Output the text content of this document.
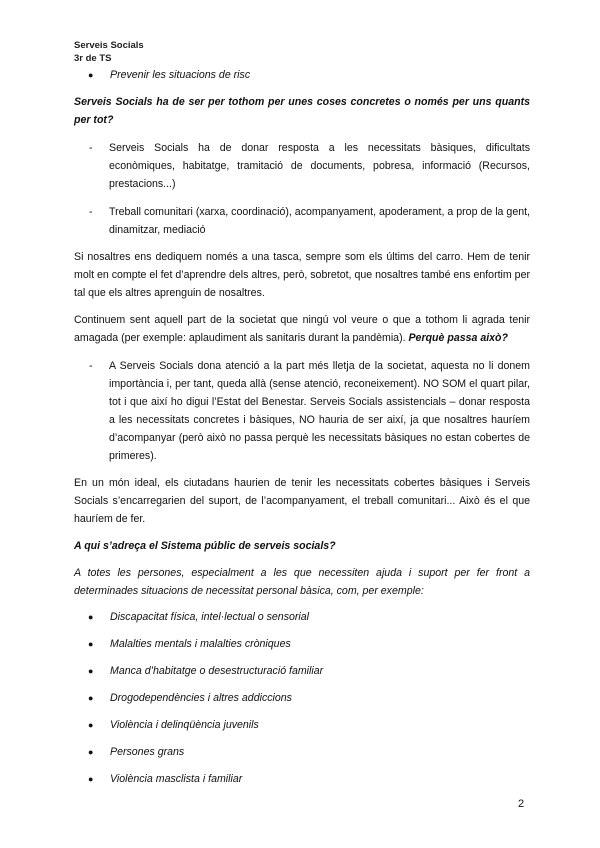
Serveis Socials
3r de TS
● Prevenir les situacions de risc

Serveis Socials ha de ser per tothom per unes coses concretes o només per uns quants per tot?

- Serveis Socials ha de donar resposta a les necessitats bàsiques, dificultats econòmiques, habitatge, tramitació de documents, pobresa, informació (Recursos, prestacions...)
- Treball comunitari (xarxa, coordinació), acompanyament, apoderament, a prop de la gent, dinamitzar, mediació

Si nosaltres ens dediquem només a una tasca, sempre som els últims del carro. Hem de tenir molt en compte el fet d’aprendre dels altres, però, sobretot, que nosaltres també ens enfortim per tal que els altres aprenguin de nosaltres.

Continuem sent aquell part de la societat que ningú vol veure o que a tothom li agrada tenir amagada (per exemple: aplaudiment als sanitaris durant la pandèmia). Perquè passa això?

- A Serveis Socials dona atenció a la part més lletja de la societat, aquesta no li donem importància i, per tant, queda allà (sense atenció, reconeixement). NO SOM el quart pilar, tot i que així ho digui l’Estat del Benestar. Serveis Socials assistencials – donar resposta a les necessitats concretes i bàsiques, NO hauria de ser així, ja que nosaltres hauríem d’acompanyar (però això no passa perquè les necessitats bàsiques no estan cobertes de primeres).

En un món ideal, els ciutadans haurien de tenir les necessitats cobertes bàsiques i Serveis Socials s’encarregarien del suport, de l’acompanyament, el treball comunitari... Això és el que hauríem de fer.

A qui s’adreça el Sistema públic de serveis socials?

A totes les persones, especialment a les que necessiten ajuda i suport per fer front a determinades situacions de necessitat personal bàsica, com, per exemple:

● Discapacitat física, intel·lectual o sensorial
● Malalties mentals i malalties cròniques
● Manca d’habitatge o desestructuració familiar
● Drogodependències i altres addiccions
● Violència i delinqüència juvenils
● Persones grans
● Violència masclista i familiar
2
